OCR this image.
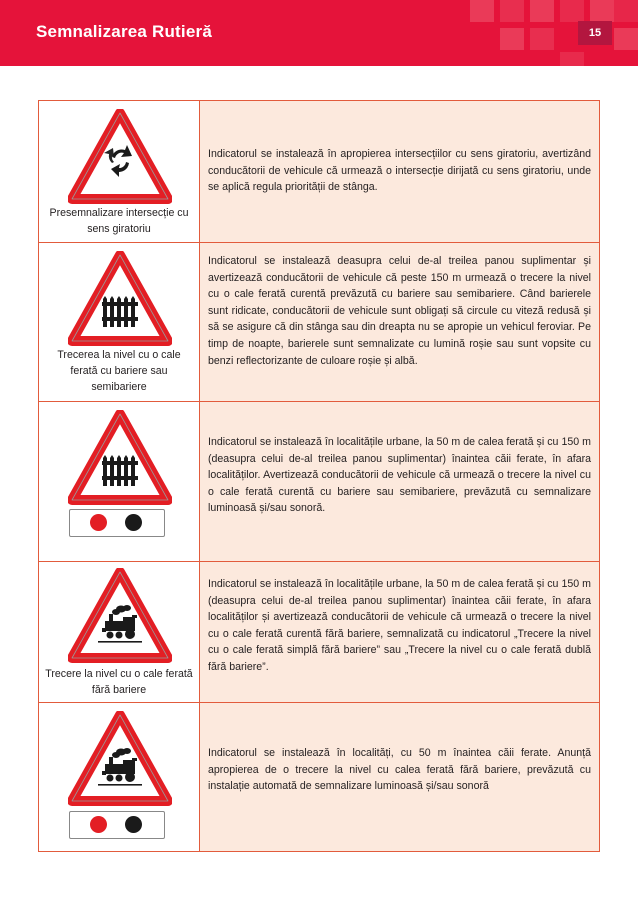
Semnalizarea Rutieră	15
Presemnalizare intersecție cu sens giratoriu
Indicatorul se instalează în apropierea intersecțiilor cu sens giratoriu, avertizând conducătorii de vehicule că urmează o intersecție dirijată cu sens giratoriu, unde se aplică regula priorității de stânga.
Trecerea la nivel cu o cale ferată cu bariere sau semibariere
Indicatorul se instalează deasupra celui de-al treilea panou suplimentar și avertizează conducătorii de vehicule că peste 150 m urmează o trecere la nivel cu o cale ferată curentă prevăzută cu bariere sau semibariere. Când barierele sunt ridicate, conducătorii de vehicule sunt obligați să circule cu viteză redusă și să se asigure că din stânga sau din dreapta nu se apropie un vehicul feroviar. Pe timp de noapte, barierele sunt semnalizate cu lumină roșie sau sunt vopsite cu benzi reflectorizante de culoare roșie și albă.
Indicatorul se instalează în localitățile urbane, la 50 m de calea ferată și cu 150 m (deasupra celui de-al treilea panou suplimentar) înaintea căii ferate, în afara localităților. Avertizează conducătorii de vehicule că urmează o trecere la nivel cu o cale ferată curentă cu bariere sau semibariere, prevăzută cu semnalizare luminoasă și/sau sonoră.
Trecere la nivel cu o cale ferată fără bariere
Indicatorul se instalează în localitățile urbane, la 50 m de calea ferată și cu 150 m (deasupra celui de-al treilea panou suplimentar) înaintea căii ferate, în afara localităților și avertizează conducătorii de vehicule că urmează o trecere la nivel cu o cale ferată curentă fără bariere, semnalizată cu indicatorul „Trecere la nivel cu o cale ferată simplă fără bariere” sau „Trecere la nivel cu o cale ferată dublă fără bariere”.
Indicatorul se instalează în localități, cu 50 m înaintea căii ferate. Anunță apropierea de o trecere la nivel cu calea ferată fără bariere, prevăzută cu instalație automată de semnalizare luminoasă și/sau sonoră
